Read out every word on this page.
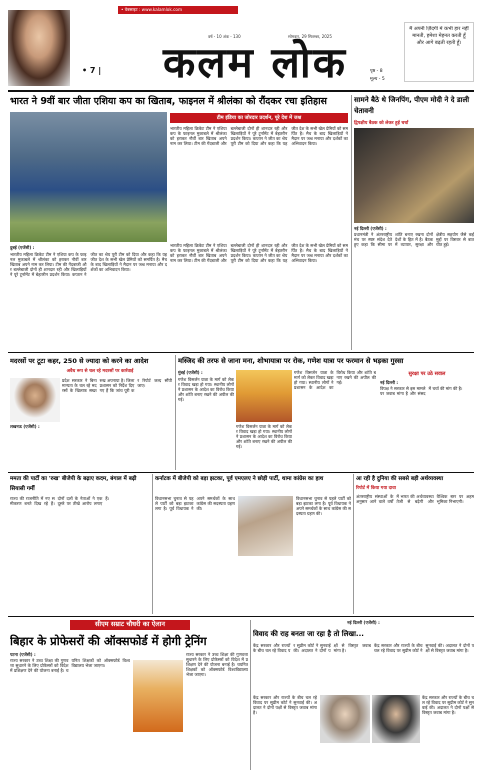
• वेबसाइट : www.kalamlok.com
वर्ष - 10 अंक - 130	सोमवार, 29 सितम्बर, 2025
• 7 |	कलम लोक	पृष्ठ - 8
मूल्य - 5
मैं अपनी ज़िंदगी में कभी हार नहीं मानती, हमेशा मेहनत करती हूँ और आगे बढ़ती रहती हूँ।
भारत ने 9वीं बार जीता एशिया कप का खिताब, फाइनल में श्रीलंका को रौंदकर रचा इतिहास
टीम इंडिया का जोरदार प्रदर्शन, पूरे देश में जश्न
भारतीय महिला क्रिकेट टीम ने एशिया कप के फाइनल मुकाबले में श्रीलंका को हराकर नौवीं बार खिताब अपने नाम कर लिया। टीम की गेंदबाजी और बल्लेबाजी दोनों ही शानदार रही और खिलाड़ियों ने पूरे टूर्नामेंट में बेहतरीन प्रदर्शन किया। कप्तान ने जीत का श्रेय पूरी टीम को दिया और कहा कि यह जीत देश के सभी खेल प्रेमियों को समर्पित है। मैच के बाद खिलाड़ियों ने मैदान पर जश्न मनाया और दर्शकों का अभिवादन किया।
दुबई (एजेंसी) :
भारतीय महिला क्रिकेट टीम ने एशिया कप के फाइनल मुकाबले में श्रीलंका को हराकर नौवीं बार खिताब अपने नाम कर लिया। टीम की गेंदबाजी और बल्लेबाजी दोनों ही शानदार रही और खिलाड़ियों ने पूरे टूर्नामेंट में बेहतरीन प्रदर्शन किया। कप्तान ने जीत का श्रेय पूरी टीम को दिया और कहा कि यह जीत देश के सभी खेल प्रेमियों को समर्पित है। मैच के बाद खिलाड़ियों ने मैदान पर जश्न मनाया और दर्शकों का अभिवादन किया।
भारतीय महिला क्रिकेट टीम ने एशिया कप के फाइनल मुकाबले में श्रीलंका को हराकर नौवीं बार खिताब अपने नाम कर लिया। टीम की गेंदबाजी और बल्लेबाजी दोनों ही शानदार रही और खिलाड़ियों ने पूरे टूर्नामेंट में बेहतरीन प्रदर्शन किया। कप्तान ने जीत का श्रेय पूरी टीम को दिया और कहा कि यह जीत देश के सभी खेल प्रेमियों को समर्पित है। मैच के बाद खिलाड़ियों ने मैदान पर जश्न मनाया और दर्शकों का अभिवादन किया।
सामने बैठे थे जिनपिंग, पीएम मोदी ने दे डाली चेतावनी
द्विपक्षीय बैठक को लेकर हुई चर्चा
नई दिल्ली (एजेंसी) :
प्रधानमंत्री ने अंतरराष्ट्रीय मंच पर स्पष्ट संदेश देते हुए कहा कि सीमा पर शांति बनाए रखना दोनों देशों के हित में है। बैठक में व्यापार, सुरक्षा और क्षेत्रीय सहयोग जैसे कई मुद्दों पर विस्तार से बातचीत हुई।
मदरसों पर टूटा कहर, 250 से ज्यादा को करने का आदेश
अवैध रूप से चल रहे मदरसों पर कार्रवाई
लखनऊ (एजेंसी) :
प्रदेश सरकार ने बिना मान्यता के चल रहे मदरसों के खिलाफ सख्त रुख अपनाया है। जिला प्रशासन को निर्देश दिए गए हैं कि जांच पूरी कर रिपोर्ट जल्द सौंपी जाए।
मस्जिद की तरफ से जाना मना, शोभायात्रा पर रोक, गणेश यात्रा पर फरमान से भड़का गुस्सा
मुंबई (एजेंसी) :
गणेश विसर्जन यात्रा के मार्ग को लेकर विवाद खड़ा हो गया। स्थानीय लोगों ने प्रशासन के आदेश का विरोध किया और शांति बनाए रखने की अपील की गई।
गणेश विसर्जन यात्रा के मार्ग को लेकर विवाद खड़ा हो गया। स्थानीय लोगों ने प्रशासन के आदेश का विरोध किया और शांति बनाए रखने की अपील की गई।
गणेश विसर्जन यात्रा के मार्ग को लेकर विवाद खड़ा हो गया। स्थानीय लोगों ने प्रशासन के आदेश का विरोध किया और शांति बनाए रखने की अपील की गई।
सुरक्षा पर उठे सवाल
नई दिल्ली :
विपक्ष ने सरकार से इस मामले पर जवाब मांगा है और संसद में चर्चा की मांग की है।
ममता की पार्टी का 'रुख' बीजेपी के बढ़ाए कदम, बंगाल में बढ़ी सियासी गर्मी
राज्य की राजनीति में नए समीकरण बनते दिख रहे हैं। दोनों दलों के नेताओं ने एक दूसरे पर तीखे आरोप लगाए हैं।
कर्नाटक में बीजेपी को बड़ा झटका, पूर्व एमएलए ने छोड़ी पार्टी, थामा कांग्रेस का हाथ
विधानसभा चुनाव से पहले पार्टी को बड़ा झटका लगा है। पूर्व विधायक ने अपने समर्थकों के साथ कांग्रेस की सदस्यता ग्रहण की।
विधानसभा चुनाव से पहले पार्टी को बड़ा झटका लगा है। पूर्व विधायक ने अपने समर्थकों के साथ कांग्रेस की सदस्यता ग्रहण की।
आ रही है दुनिया की सबसे बड़ी अर्थव्यवस्था
रिपोर्ट में किया गया दावा
अंतरराष्ट्रीय संस्थाओं के अनुसार आने वाले वर्षों में भारत की अर्थव्यवस्था तेजी से बढ़ेगी और वैश्विक स्तर पर अहम भूमिका निभाएगी।
सीएम सम्राट चौधरी का ऐलान
बिहार के प्रोफेसरों की ऑक्सफोर्ड में होगी ट्रेनिंग
पटना (एजेंसी) :
राज्य सरकार ने उच्च शिक्षा की गुणवत्ता सुधारने के लिए प्रोफेसरों को विदेश में प्रशिक्षण देने की योजना बनाई है। चयनित शिक्षकों को ऑक्सफोर्ड विश्वविद्यालय भेजा जाएगा।
राज्य सरकार ने उच्च शिक्षा की गुणवत्ता सुधारने के लिए प्रोफेसरों को विदेश में प्रशिक्षण देने की योजना बनाई है। चयनित शिक्षकों को ऑक्सफोर्ड विश्वविद्यालय भेजा जाएगा।
नई दिल्ली (एजेंसी) :
विवाद की राह बनता जा रहा है तो लिखा...
केंद्र सरकार और राज्यों के बीच चल रहे विवाद पर सुप्रीम कोर्ट ने सुनवाई की। अदालत ने दोनों पक्षों से विस्तृत जवाब मांगा है।
केंद्र सरकार और राज्यों के बीच चल रहे विवाद पर सुप्रीम कोर्ट ने सुनवाई की। अदालत ने दोनों पक्षों से विस्तृत जवाब मांगा है।
केंद्र सरकार और राज्यों के बीच चल रहे विवाद पर सुप्रीम कोर्ट ने सुनवाई की। अदालत ने दोनों पक्षों से विस्तृत जवाब मांगा है।
केंद्र सरकार और राज्यों के बीच चल रहे विवाद पर सुप्रीम कोर्ट ने सुनवाई की। अदालत ने दोनों पक्षों से विस्तृत जवाब मांगा है।
